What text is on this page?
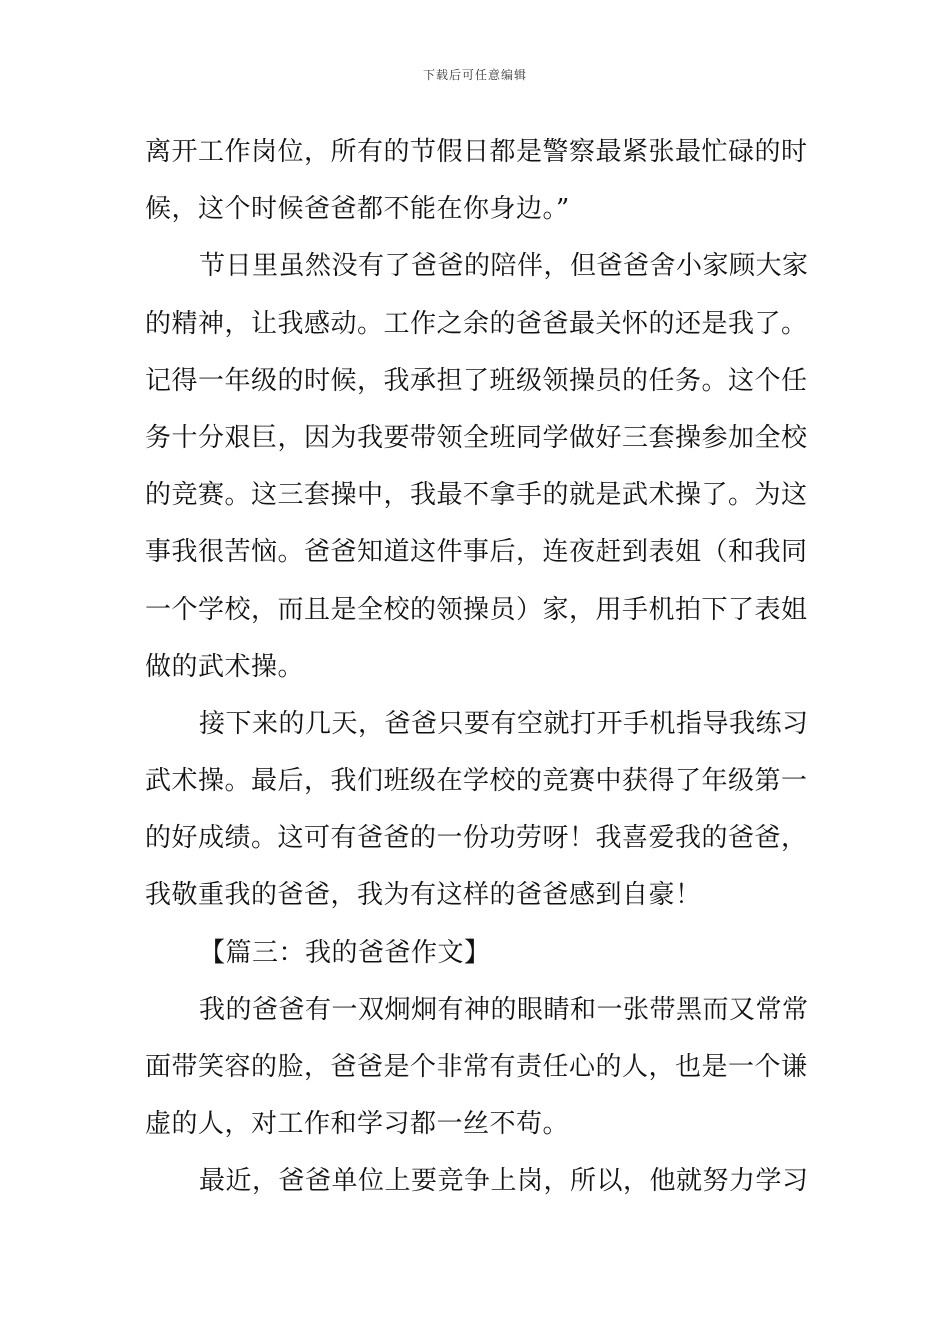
下载后可任意编辑
离开工作岗位，所有的节假日都是警察最紧张最忙碌的时
候，这个时候爸爸都不能在你身边。”
节日里虽然没有了爸爸的陪伴，但爸爸舍小家顾大家
的精神，让我感动。工作之余的爸爸最关怀的还是我了。
记得一年级的时候，我承担了班级领操员的任务。这个任
务十分艰巨，因为我要带领全班同学做好三套操参加全校
的竞赛。这三套操中，我最不拿手的就是武术操了。为这
事我很苦恼。爸爸知道这件事后，连夜赶到表姐（和我同
一个学校，而且是全校的领操员）家，用手机拍下了表姐
做的武术操。
接下来的几天，爸爸只要有空就打开手机指导我练习
武术操。最后，我们班级在学校的竞赛中获得了年级第一
的好成绩。这可有爸爸的一份功劳呀！我喜爱我的爸爸，
我敬重我的爸爸，我为有这样的爸爸感到自豪！
【篇三：我的爸爸作文】
我的爸爸有一双炯炯有神的眼睛和一张带黑而又常常
面带笑容的脸，爸爸是个非常有责任心的人，也是一个谦
虚的人，对工作和学习都一丝不苟。
最近，爸爸单位上要竞争上岗，所以，他就努力学习
